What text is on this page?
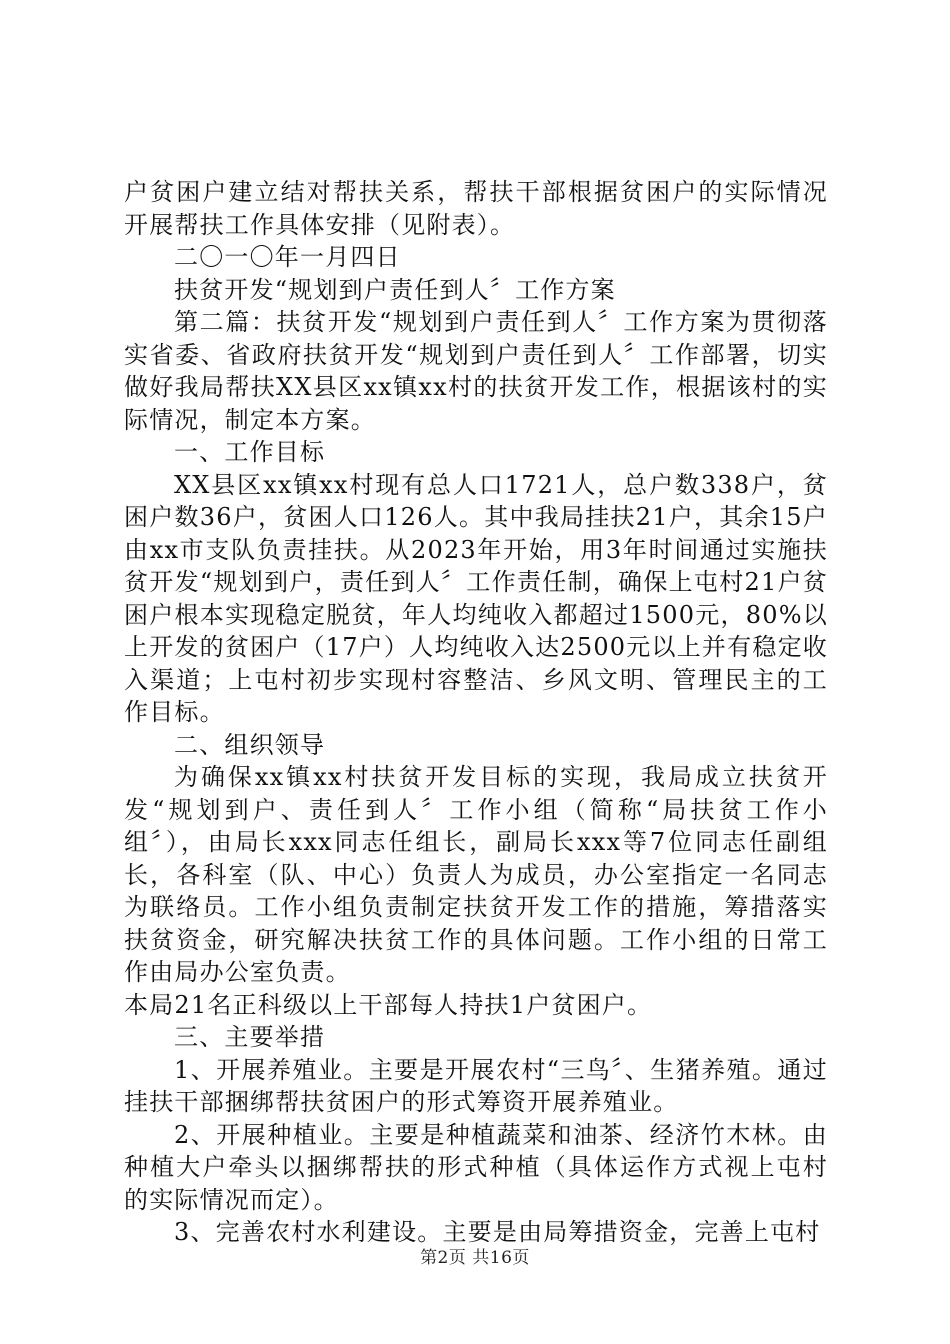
户贫困户建立结对帮扶关系，帮扶干部根据贫困户的实际情况开展帮扶工作具体安排（见附表）。

二〇一〇年一月四日

扶贫开发“规划到户责任到人〞工作方案

第二篇：扶贫开发“规划到户责任到人〞工作方案为贯彻落实省委、省政府扶贫开发“规划到户责任到人〞工作部署，切实做好我局帮扶XX县区xx镇xx村的扶贫开发工作，根据该村的实际情况，制定本方案。

一、工作目标

XX县区xx镇xx村现有总人口1721人，总户数338户，贫困户数36户，贫困人口126人。其中我局挂扶21户，其余15户由xx市支队负责挂扶。从2023年开始，用3年时间通过实施扶贫开发“规划到户，责任到人〞工作责任制，确保上屯村21户贫困户根本实现稳定脱贫，年人均纯收入都超过1500元，80%以上开发的贫困户（17户）人均纯收入达2500元以上并有稳定收入渠道；上屯村初步实现村容整洁、乡风文明、管理民主的工作目标。

二、组织领导

为确保xx镇xx村扶贫开发目标的实现，我局成立扶贫开发“规划到户、责任到人〞工作小组（简称“局扶贫工作小组〞），由局长xxx同志任组长，副局长xxx等7位同志任副组长，各科室（队、中心）负责人为成员，办公室指定一名同志为联络员。工作小组负责制定扶贫开发工作的措施，筹措落实扶贫资金，研究解决扶贫工作的具体问题。工作小组的日常工作由局办公室负责。

本局21名正科级以上干部每人持扶1户贫困户。

三、主要举措

1、开展养殖业。主要是开展农村“三鸟〞、生猪养殖。通过挂扶干部捆绑帮扶贫困户的形式筹资开展养殖业。

2、开展种植业。主要是种植蔬菜和油茶、经济竹木林。由种植大户牵头以捆绑帮扶的形式种植（具体运作方式视上屯村的实际情况而定）。

3、完善农村水利建设。主要是由局筹措资金，完善上屯村

第2页 共16页
